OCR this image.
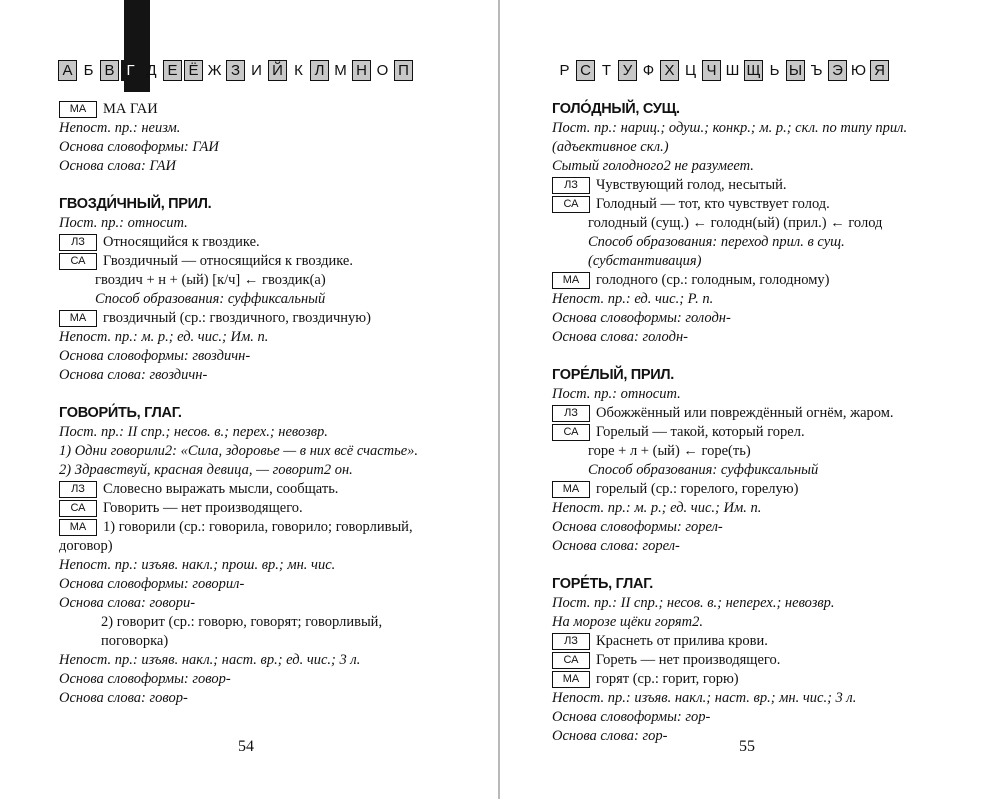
А Б В Г Д Е Ё Ж З И Й К Л М Н О П
МА МА ГАИ
Непост. пр.: неизм.
Основа словоформы: ГАИ
Основа слова: ГАИ
ГВОЗДИ́ЧНЫЙ, ПРИЛ.
Пост. пр.: относит.
ЛЗ Относящийся к гвоздике.
СА Гвоздичный — относящийся к гвоздике.
гвоздич + н + (ый) [к/ч] ← гвоздик(а)
Способ образования: суффиксальный
МА гвоздичный (ср.: гвоздичного, гвоздичную)
Непост. пр.: м. р.; ед. чис.; Им. п.
Основа словоформы: гвоздичн-
Основа слова: гвоздичн-
ГОВОРИ́ТЬ, ГЛАГ.
Пост. пр.: II спр.; несов. в.; перех.; невозвр.
1) Одни говорили2: «Сила, здоровье — в них всё счастье».
2) Здравствуй, красная девица, — говорит2 он.
ЛЗ Словесно выражать мысли, сообщать.
СА Говорить — нет производящего.
МА 1) говорили (ср.: говорила, говорило; говорливый, договор)
Непост. пр.: изъяв. накл.; прош. вр.; мн. чис.
Основа словоформы: говорил-
Основа слова: говори-
2) говорит (ср.: говорю, говорят; говорливый, поговорка)
Непост. пр.: изъяв. накл.; наст. вр.; ед. чис.; 3 л.
Основа словоформы: говор-
Основа слова: говор-
54
Р С Т У Ф Х Ц Ч Ш Щ Ь Ы Ъ Э Ю Я
ГОЛО́ДНЫЙ, СУЩ.
Пост. пр.: нариц.; одуш.; конкр.; м. р.; скл. по типу прил. (адъективное скл.)
Сытый голодного2 не разумеет.
ЛЗ Чувствующий голод, несытый.
СА Голодный — тот, кто чувствует голод.
голодный (сущ.) ← голодн(ый) (прил.) ← голод
Способ образования: переход прил. в сущ. (субстантивация)
МА голодного (ср.: голодным, голодному)
Непост. пр.: ед. чис.; Р. п.
Основа словоформы: голодн-
Основа слова: голодн-
ГОРЕ́ЛЫЙ, ПРИЛ.
Пост. пр.: относит.
ЛЗ Обожжённый или повреждённый огнём, жаром.
СА Горелый — такой, который горел.
горе + л + (ый) ← горе(ть)
Способ образования: суффиксальный
МА горелый (ср.: горелого, горелую)
Непост. пр.: м. р.; ед. чис.; Им. п.
Основа словоформы: горел-
Основа слова: горел-
ГОРЕ́ТЬ, ГЛАГ.
Пост. пр.: II спр.; несов. в.; неперех.; невозвр.
На морозе щёки горят2.
ЛЗ Краснеть от прилива крови.
СА Гореть — нет производящего.
МА горят (ср.: горит, горю)
Непост. пр.: изъяв. накл.; наст. вр.; мн. чис.; 3 л.
Основа словоформы: гор-
Основа слова: гор-
55
